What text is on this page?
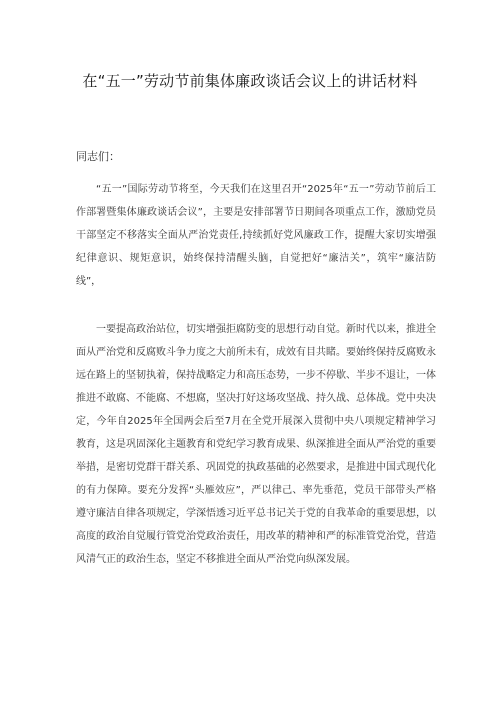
在“五一”劳动节前集体廉政谈话会议上的讲话材料
同志们：
“五一”国际劳动节将至，今天我们在这里召开“2025年“五一”劳动节前后工作部署暨集体廉政谈话会议”，主要是安排部署节日期间各项重点工作，激励党员干部坚定不移落实全面从严治党责任,持续抓好党风廉政工作，提醒大家切实增强纪律意识、规矩意识，始终保持清醒头脑，自觉把好“廉洁关”，筑牢“廉洁防线”，
一要提高政治站位，切实增强拒腐防变的思想行动自觉。新时代以来，推进全面从严治党和反腐败斗争力度之大前所未有，成效有目共睹。要始终保持反腐败永远在路上的坚韧执着，保持战略定力和高压态势，一步不停歇、半步不退让，一体推进不敢腐、不能腐、不想腐，坚决打好这场攻坚战、持久战、总体战。党中央决定，今年自2025年全国两会后至7月在全党开展深入贯彻中央八项规定精神学习教育，这是巩固深化主题教育和党纪学习教育成果、纵深推进全面从严治党的重要举措，是密切党群干群关系、巩固党的执政基础的必然要求，是推进中国式现代化的有力保障。要充分发挥“头雁效应”，严以律己、率先垂范，党员干部带头严格遵守廉洁自律各项规定，学深悟透习近平总书记关于党的自我革命的重要思想，以高度的政治自觉履行管党治党政治责任，用改革的精神和严的标准管党治党，营造风清气正的政治生态，坚定不移推进全面从严治党向纵深发展。
